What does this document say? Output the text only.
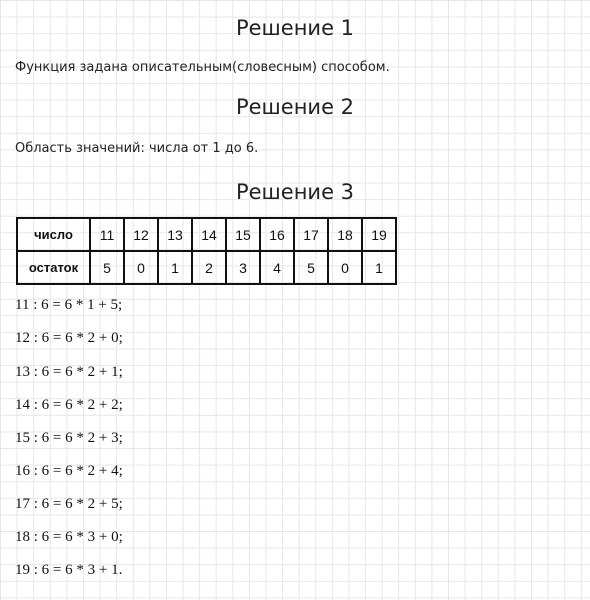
Решение 1
Функция задана описательным(словесным) способом.
Решение 2
Область значений: числа от 1 до 6.
Решение 3
число	11	12	13	14	15	16	17	18	19
остаток	5	0	1	2	3	4	5	0	1
11 : 6 = 6 * 1 + 5;
12 : 6 = 6 * 2 + 0;
13 : 6 = 6 * 2 + 1;
14 : 6 = 6 * 2 + 2;
15 : 6 = 6 * 2 + 3;
16 : 6 = 6 * 2 + 4;
17 : 6 = 6 * 2 + 5;
18 : 6 = 6 * 3 + 0;
19 : 6 = 6 * 3 + 1.
